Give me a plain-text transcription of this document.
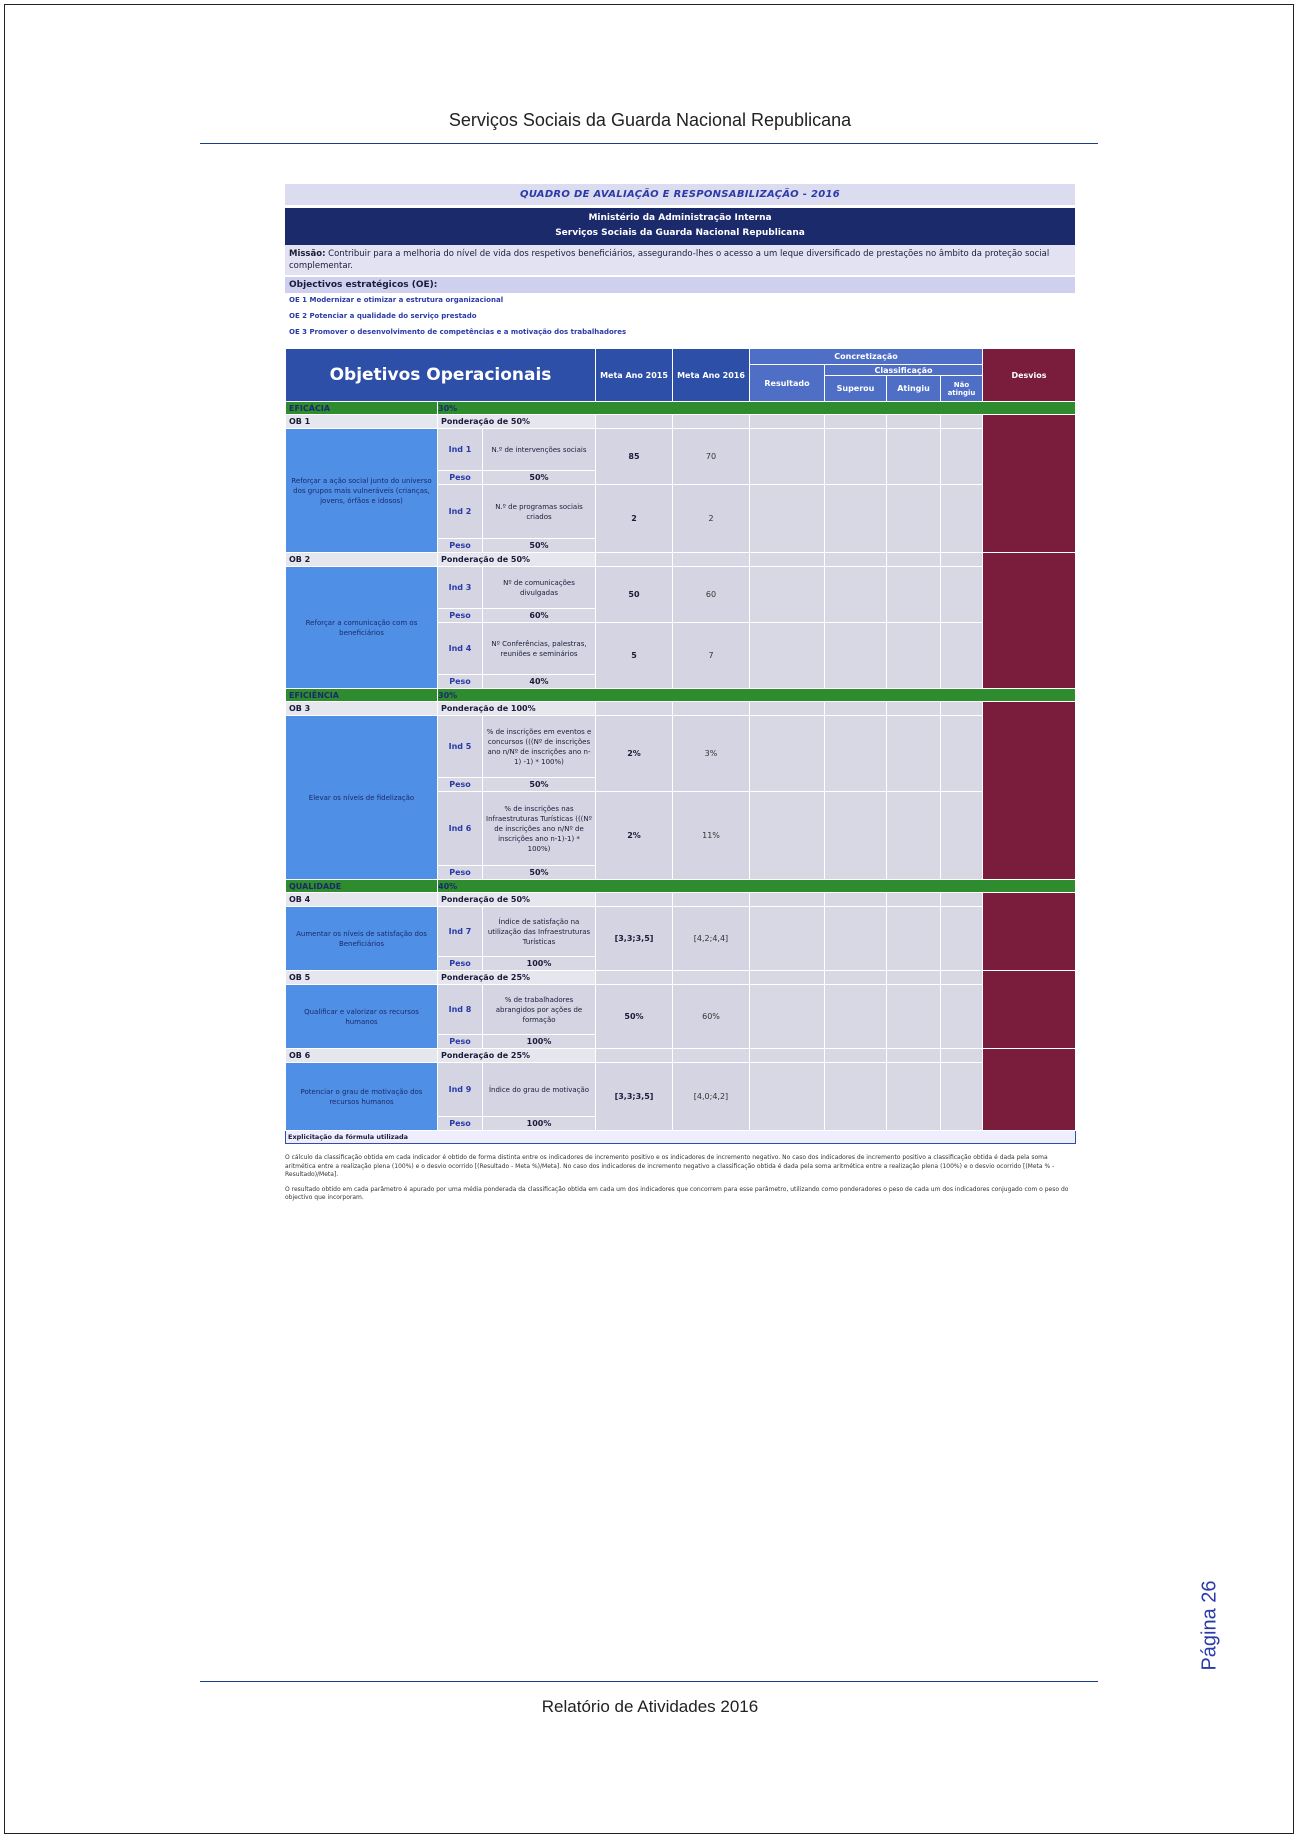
Serviços Sociais da Guarda Nacional Republicana
QUADRO DE AVALIAÇÃO E RESPONSABILIZAÇÃO - 2016
Ministério da Administração Interna
Serviços Sociais da Guarda Nacional Republicana
Missão: Contribuir para a melhoria do nível de vida dos respetivos beneficiários, assegurando-lhes o acesso a um leque diversificado de prestações no âmbito da proteção social complementar.
Objectivos estratégicos (OE):
OE 1 Modernizar e otimizar a estrutura organizacional
OE 2 Potenciar a qualidade do serviço prestado
OE 3 Promover o desenvolvimento de competências e a motivação dos trabalhadores
Objetivos Operacionais			Meta Ano 2015	Meta Ano 2016	Concretização				Desvios
					Resultado	Classificação			
						Superou	Atingiu	Não atingiu	
EFICÁCIA	30%								
OB 1	Ponderação de 50%								
Reforçar a ação social junto do universo dos grupos mais vulneráveis (crianças, jovens, órfãos e idosos)	Ind 1	N.º de intervenções sociais	85	70					
	Peso	50%							
	Ind 2	N.º de programas sociais criados	2	2					
	Peso	50%							
OB 2	Ponderação de 50%								
Reforçar a comunicação com os beneficiários	Ind 3	Nº de comunicações divulgadas	50	60					
	Peso	60%							
	Ind 4	Nº Conferências, palestras, reuniões e seminários	5	7					
	Peso	40%							
EFICIÊNCIA	30%								
OB 3	Ponderação de 100%								
Elevar os níveis de fidelização	Ind 5	% de inscrições em eventos e concursos (((Nº de inscrições ano n/Nº de inscrições ano n-1) -1) * 100%)	2%	3%					
	Peso	50%							
	Ind 6	% de inscrições nas Infraestruturas Turísticas (((Nº de inscrições ano n/Nº de inscrições ano n-1)-1) * 100%)	2%	11%					
	Peso	50%							
QUALIDADE	40%								
OB 4	Ponderação de 50%								
Aumentar os níveis de satisfação dos Beneficiários	Ind 7	Índice de satisfação na utilização das Infraestruturas Turísticas	[3,3;3,5]	[4,2;4,4]					
	Peso	100%							
OB 5	Ponderação de 25%								
Qualificar e valorizar os recursos humanos	Ind 8	% de trabalhadores abrangidos por ações de formação	50%	60%					
	Peso	100%							
OB 6	Ponderação de 25%								
Potenciar o grau de motivação dos recursos humanos	Ind 9	Índice do grau de motivação	[3,3;3,5]	[4,0;4,2]					
	Peso	100%							
Explicitação da fórmula utilizada									

O cálculo da classificação obtida em cada indicador é obtido de forma distinta entre os indicadores de incremento positivo e os indicadores de incremento negativo. No caso dos indicadores de incremento positivo a classificação obtida é dada pela soma aritmética entre a realização plena (100%) e o desvio ocorrido [(Resultado - Meta %)/Meta]. No caso dos indicadores de incremento negativo a classificação obtida é dada pela soma aritmética entre a realização plena (100%) e o desvio ocorrido [(Meta % - Resultado)/Meta].

O resultado obtido em cada parâmetro é apurado por uma média ponderada da classificação obtida em cada um dos indicadores que concorrem para esse parâmetro, utilizando como ponderadores o peso de cada um dos indicadores conjugado com o peso do objectivo que incorporam.

Página 26
Relatório de Atividades 2016
